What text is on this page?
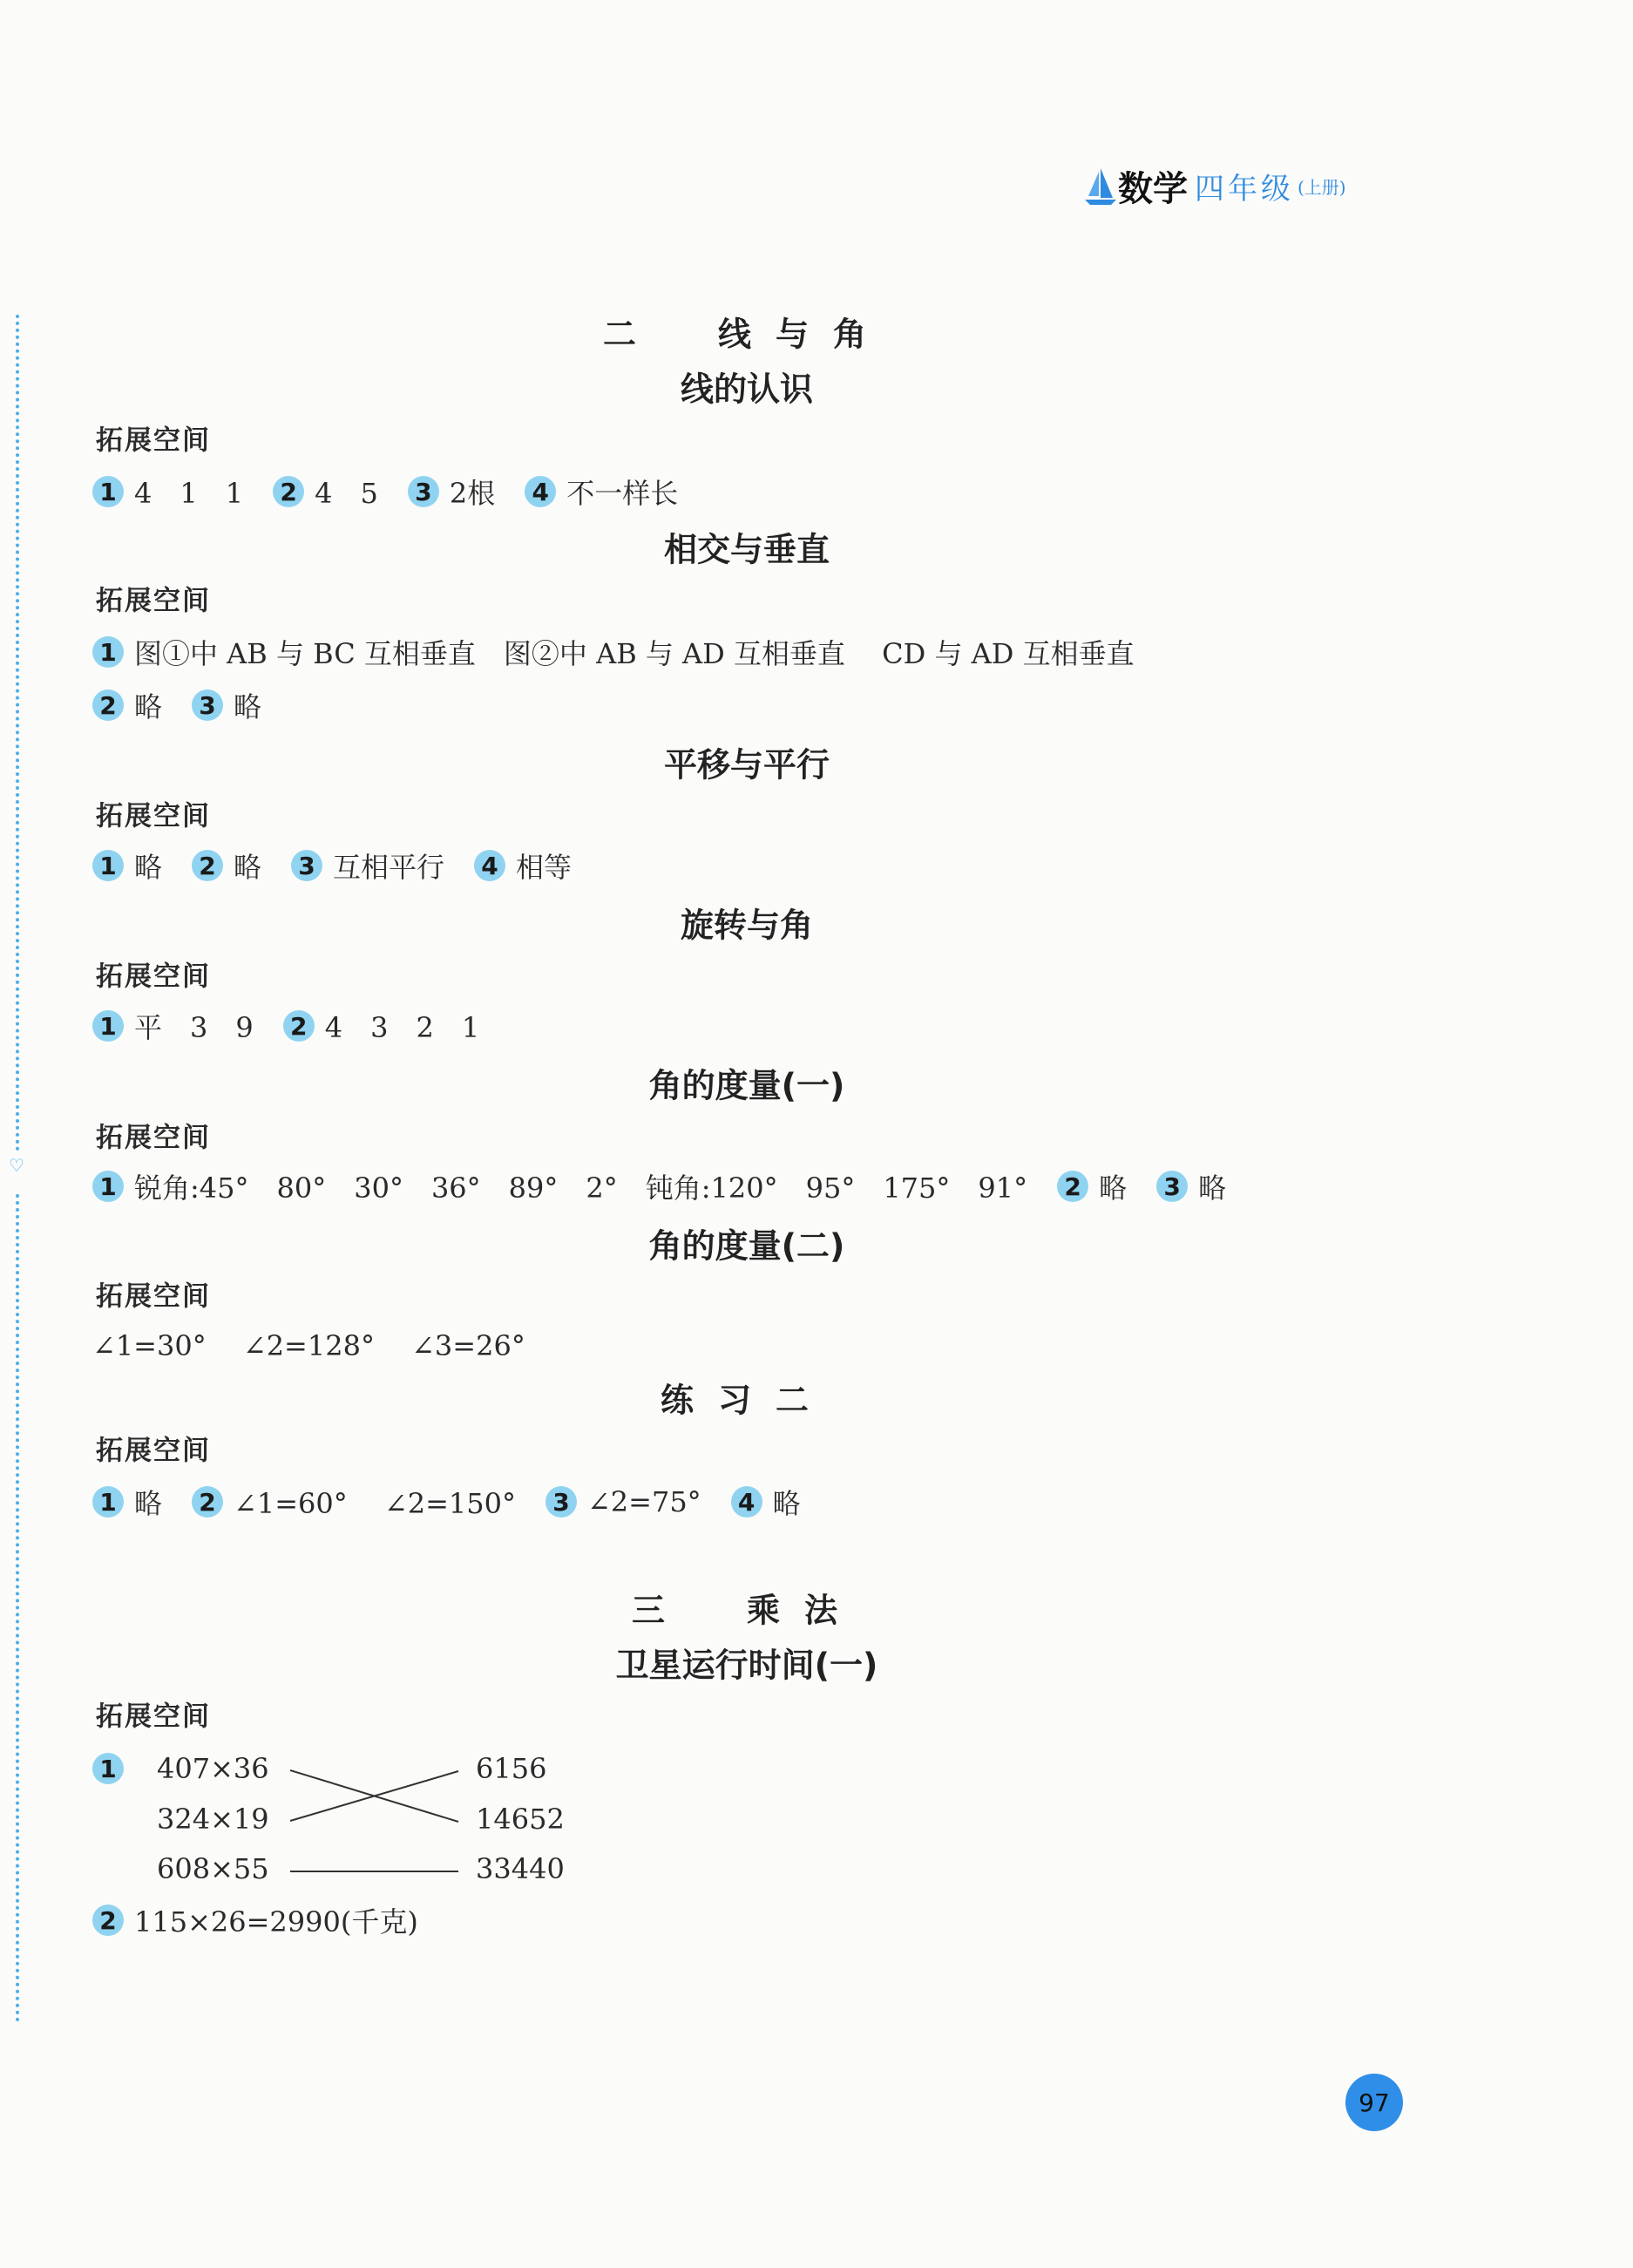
数学 四年级 (上册)
♡
二　线与角
线的认识
拓展空间
1 4　1　1 2 4　5 3 2根 4 不一样长
相交与垂直
拓展空间
1 图①中 AB 与 BC 互相垂直　图②中 AB 与 AD 互相垂直　 CD 与 AD 互相垂直
2 略 3 略
平移与平行
拓展空间
1 略 2 略 3 互相平行 4 相等
旋转与角
拓展空间
1 平　3　9 2 4　3　2　1
角的度量(一)
拓展空间
1 锐角:45°　80°　30°　36°　89°　2°　钝角:120°　95°　175°　91° 2 略 3 略
角的度量(二)
拓展空间
∠1=30°　 ∠2=128°　 ∠3=26°
练习二
拓展空间
1 略 2 ∠1=60°　 ∠2=150° 3 ∠2=75° 4 略
三　乘法
卫星运行时间(一)
拓展空间
1 407×36
324×19
608×55
6156
14652
33440
2 115×26=2990(千克)
97
